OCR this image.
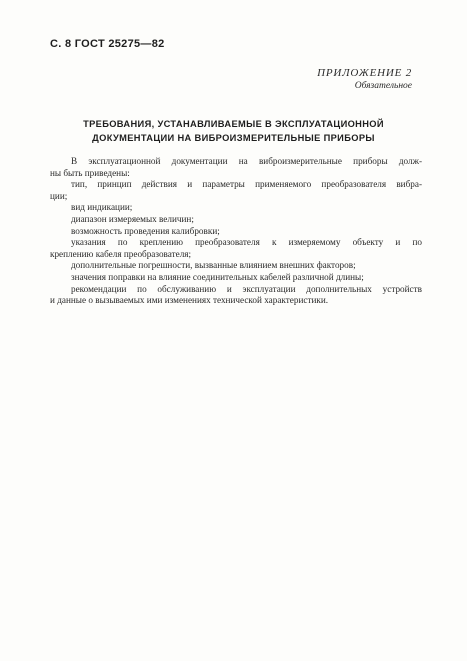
С. 8 ГОСТ 25275—82
ПРИЛОЖЕНИЕ 2
Обязательное
ТРЕБОВАНИЯ, УСТАНАВЛИВАЕМЫЕ В ЭКСПЛУАТАЦИОННОЙ
ДОКУМЕНТАЦИИ НА ВИБРОИЗМЕРИТЕЛЬНЫЕ ПРИБОРЫ
В эксплуатационной документации на виброизмерительные приборы долж-
ны быть приведены:
тип, принцип действия и параметры применяемого преобразователя вибра-
ции;
вид индикации;
диапазон измеряемых величин;
возможность проведения калибровки;
указания по креплению преобразователя к измеряемому объекту и по
креплению кабеля преобразователя;
дополнительные погрешности, вызванные влиянием внешних факторов;
значения поправки на влияние соединительных кабелей различной длины;
рекомендации по обслуживанию и эксплуатации дополнительных устройств
и данные о вызываемых ими изменениях технической характеристики.
